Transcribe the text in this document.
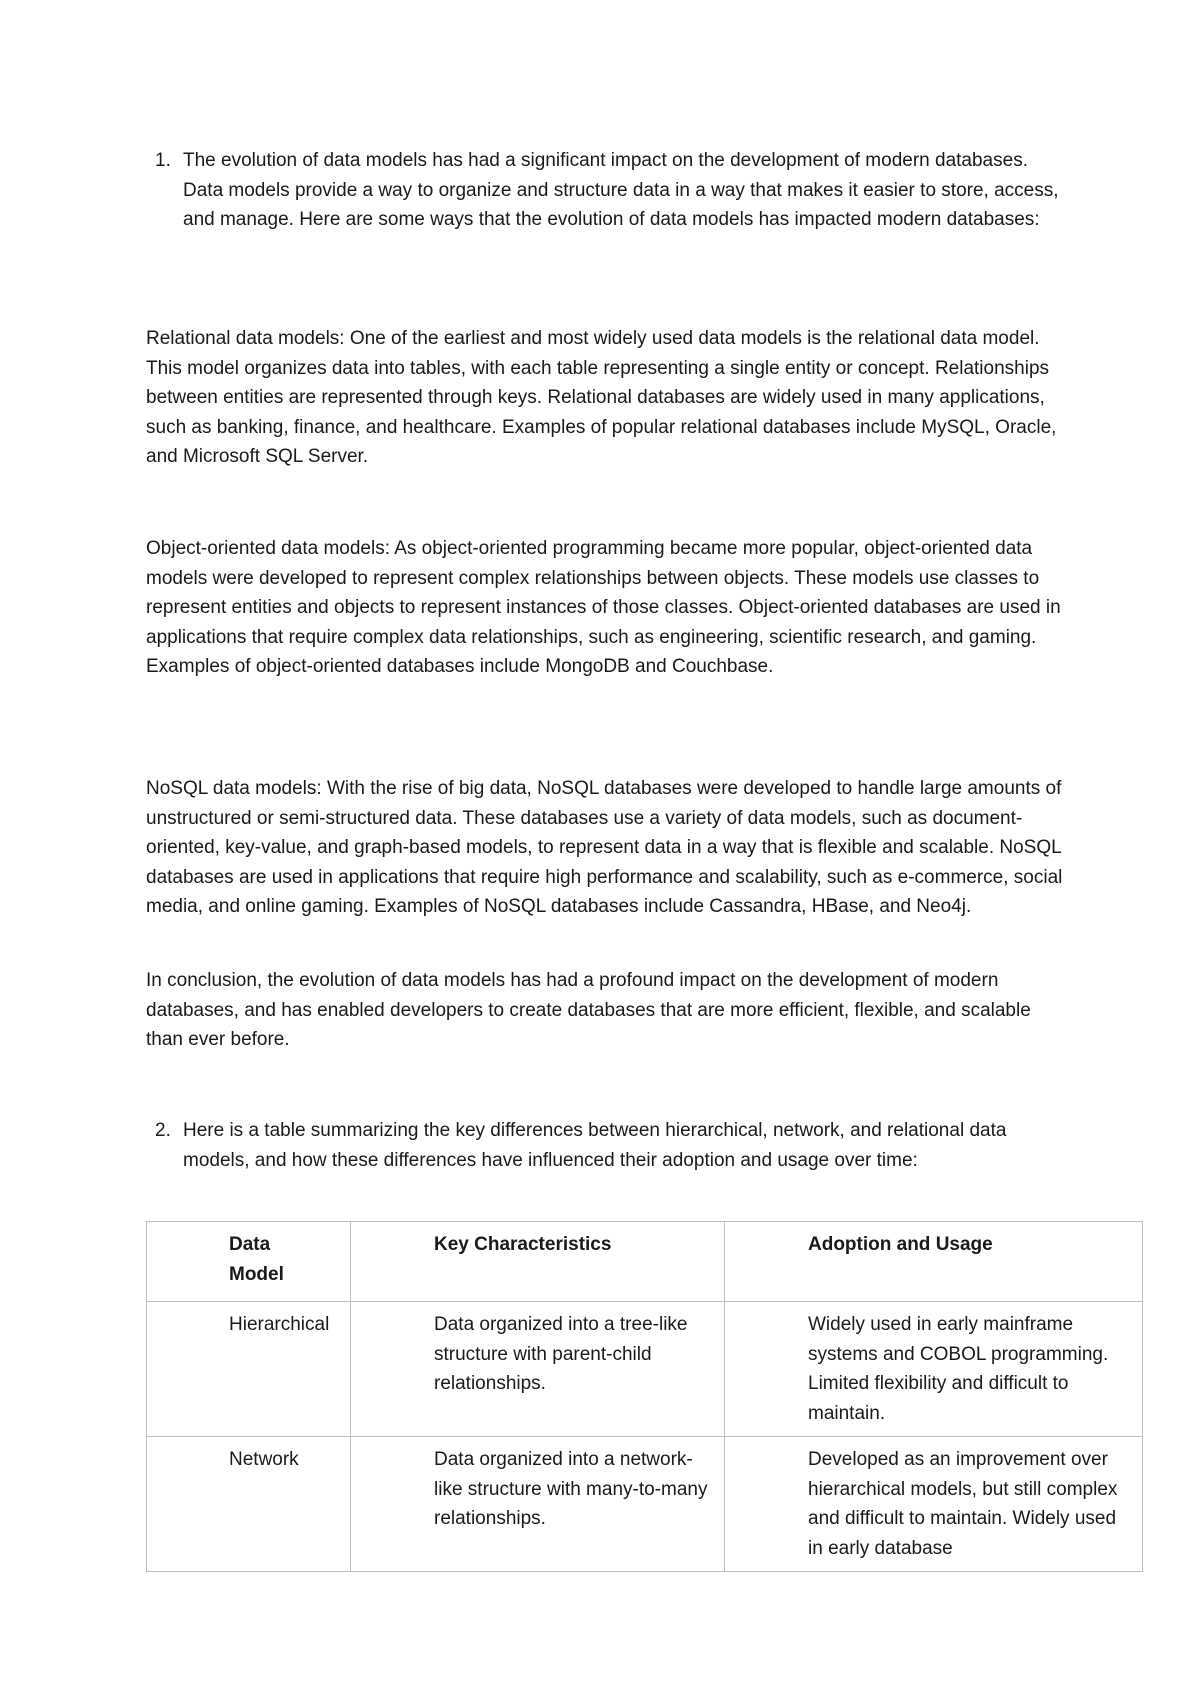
1. The evolution of data models has had a significant impact on the development of modern databases. Data models provide a way to organize and structure data in a way that makes it easier to store, access, and manage. Here are some ways that the evolution of data models has impacted modern databases:

Relational data models: One of the earliest and most widely used data models is the relational data model. This model organizes data into tables, with each table representing a single entity or concept. Relationships between entities are represented through keys. Relational databases are widely used in many applications, such as banking, finance, and healthcare. Examples of popular relational databases include MySQL, Oracle, and Microsoft SQL Server.

Object-oriented data models: As object-oriented programming became more popular, object-oriented data models were developed to represent complex relationships between objects. These models use classes to represent entities and objects to represent instances of those classes. Object-oriented databases are used in applications that require complex data relationships, such as engineering, scientific research, and gaming. Examples of object-oriented databases include MongoDB and Couchbase.

NoSQL data models: With the rise of big data, NoSQL databases were developed to handle large amounts of unstructured or semi-structured data. These databases use a variety of data models, such as document-oriented, key-value, and graph-based models, to represent data in a way that is flexible and scalable. NoSQL databases are used in applications that require high performance and scalability, such as e-commerce, social media, and online gaming. Examples of NoSQL databases include Cassandra, HBase, and Neo4j.

In conclusion, the evolution of data models has had a profound impact on the development of modern databases, and has enabled developers to create databases that are more efficient, flexible, and scalable than ever before.

2. Here is a table summarizing the key differences between hierarchical, network, and relational data models, and how these differences have influenced their adoption and usage over time:

Data Model	Key Characteristics	Adoption and Usage

Hierarchical	Data organized into a tree-like structure with parent-child relationships.	Widely used in early mainframe systems and COBOL programming. Limited flexibility and difficult to maintain.

Network	Data organized into a network-like structure with many-to-many relationships.	Developed as an improvement over hierarchical models, but still complex and difficult to maintain. Widely used in early database
